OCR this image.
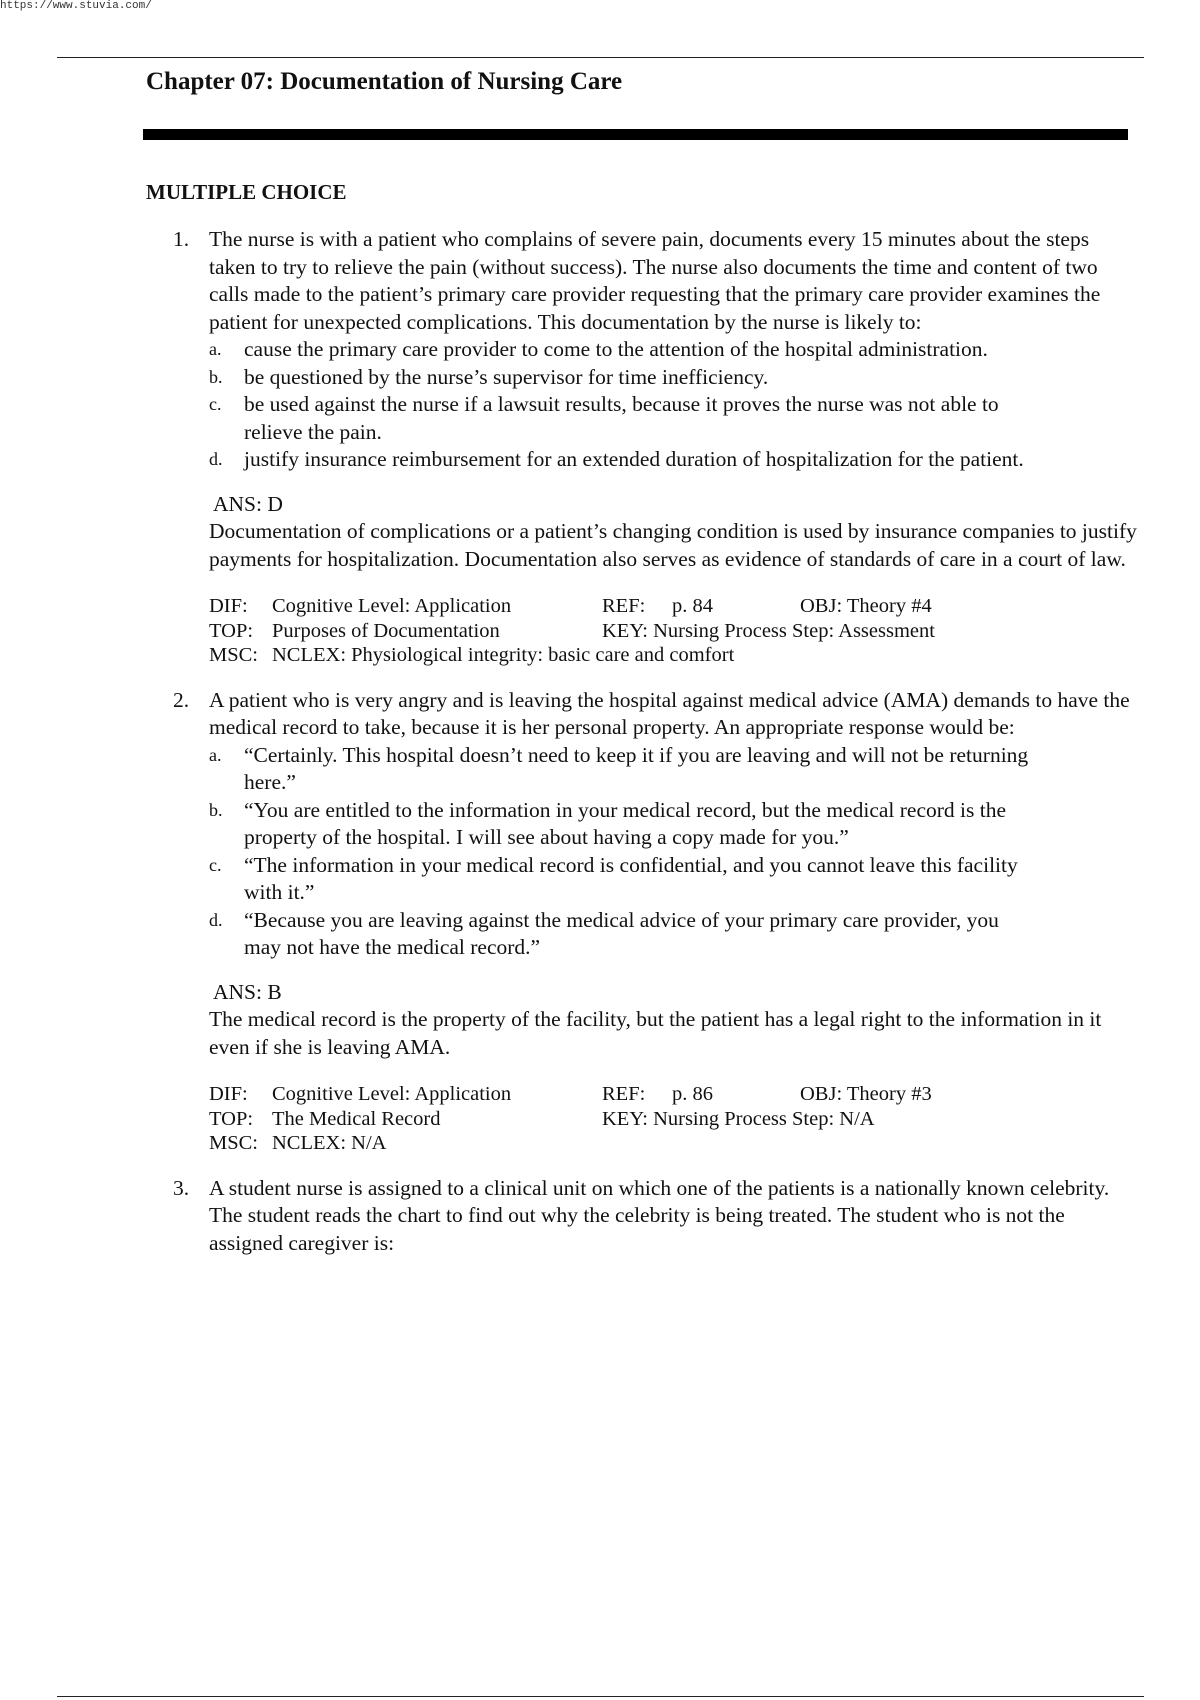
https://www.stuvia.com/
Chapter 07: Documentation of Nursing Care
MULTIPLE CHOICE
1. The nurse is with a patient who complains of severe pain, documents every 15 minutes about the steps taken to try to relieve the pain (without success). The nurse also documents the time and content of two calls made to the patient’s primary care provider requesting that the primary care provider examines the patient for unexpected complications. This documentation by the nurse is likely to:
a. cause the primary care provider to come to the attention of the hospital administration.
b. be questioned by the nurse’s supervisor for time inefficiency.
c. be used against the nurse if a lawsuit results, because it proves the nurse was not able to relieve the pain.
d. justify insurance reimbursement for an extended duration of hospitalization for the patient.
ANS: D
Documentation of complications or a patient’s changing condition is used by insurance companies to justify payments for hospitalization. Documentation also serves as evidence of standards of care in a court of law.
DIF: Cognitive Level: Application	REF: p. 84	OBJ: Theory #4
TOP: Purposes of Documentation	KEY: Nursing Process Step: Assessment
MSC: NCLEX: Physiological integrity: basic care and comfort
2. A patient who is very angry and is leaving the hospital against medical advice (AMA) demands to have the medical record to take, because it is her personal property. An appropriate response would be:
a. “Certainly. This hospital doesn’t need to keep it if you are leaving and will not be returning here.”
b. “You are entitled to the information in your medical record, but the medical record is the property of the hospital. I will see about having a copy made for you.”
c. “The information in your medical record is confidential, and you cannot leave this facility with it.”
d. “Because you are leaving against the medical advice of your primary care provider, you may not have the medical record.”
ANS: B
The medical record is the property of the facility, but the patient has a legal right to the information in it even if she is leaving AMA.
DIF: Cognitive Level: Application	REF: p. 86	OBJ: Theory #3
TOP: The Medical Record	KEY: Nursing Process Step: N/A
MSC: NCLEX: N/A
3. A student nurse is assigned to a clinical unit on which one of the patients is a nationally known celebrity. The student reads the chart to find out why the celebrity is being treated. The student who is not the assigned caregiver is:
